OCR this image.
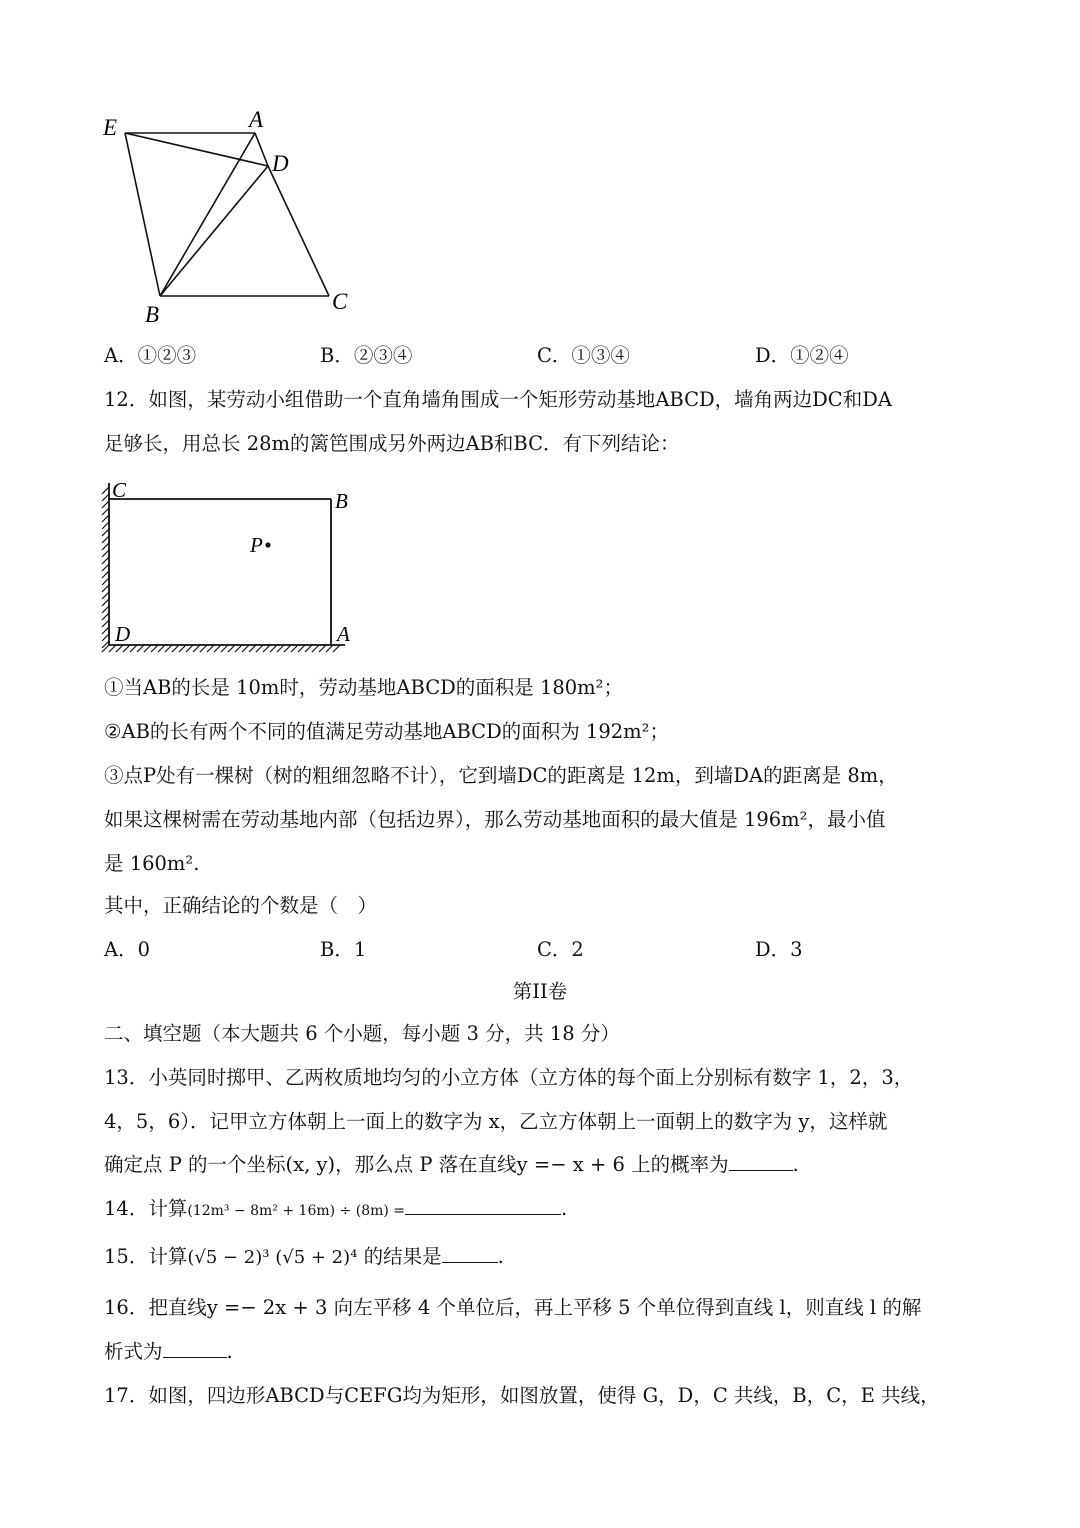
E	A
D
B
C
A．①②③	B．②③④	C．①③④	D．①②④
12．如图，某劳动小组借助一个直角墙角围成一个矩形劳动基地ABCD，墙角两边DC和DA
足够长，用总长 28m的篱笆围成另外两边AB和BC．有下列结论：
C	B
P
D	A
①当AB的长是 10m时，劳动基地ABCD的面积是 180m²；
②AB的长有两个不同的值满足劳动基地ABCD的面积为 192m²；
③点P处有一棵树（树的粗细忽略不计），它到墙DC的距离是 12m，到墙DA的距离是 8m，
如果这棵树需在劳动基地内部（包括边界），那么劳动基地面积的最大值是 196m²，最小值
是 160m².
其中，正确结论的个数是（　）
A．0	B．1	C．2	D．3
第II卷
二、填空题（本大题共 6 个小题，每小题 3 分，共 18 分）
13．小英同时掷甲、乙两枚质地均匀的小立方体（立方体的每个面上分别标有数字 1，2，3，
4，5，6）．记甲立方体朝上一面上的数字为 x，乙立方体朝上一面朝上的数字为 y，这样就
确定点 P 的一个坐标(x, y)，那么点 P 落在直线y =− x + 6 上的概率为	.
14．计算(12m³ − 8m² + 16m) ÷ (8m) =	.
15．计算(√5 − 2)³ (√5 + 2)⁴ 的结果是	.
16．把直线y =− 2x + 3 向左平移 4 个单位后，再上平移 5 个单位得到直线 l，则直线 l 的解
析式为	.
17．如图，四边形ABCD与CEFG均为矩形，如图放置，使得 G，D，C 共线，B，C，E 共线，
